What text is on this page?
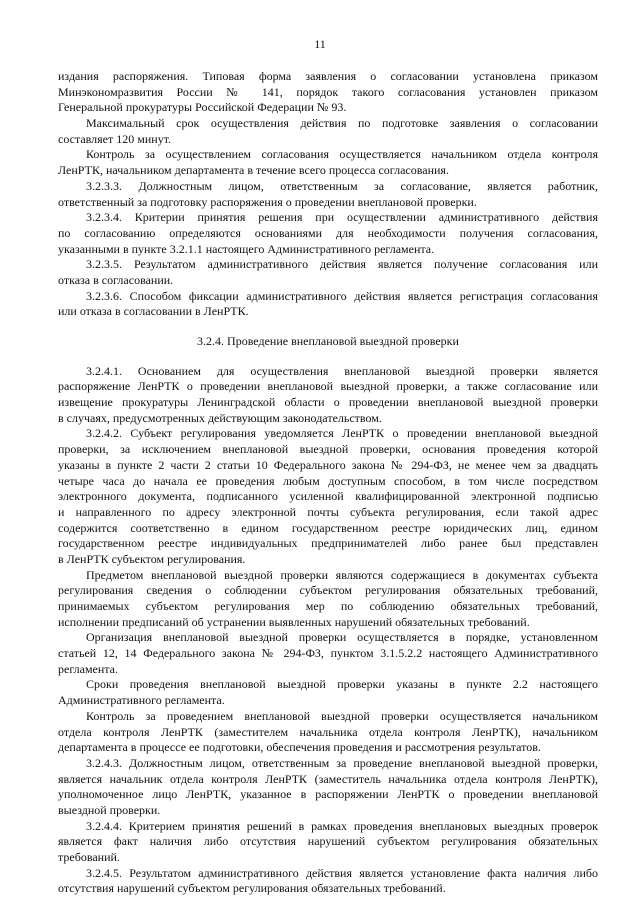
11
издания распоряжения. Типовая форма заявления о согласовании установлена приказом
Минэкономразвития России № 141, порядок такого согласования установлен приказом
Генеральной прокуратуры Российской Федерации № 93.
Максимальный срок осуществления действия по подготовке заявления о согласовании
составляет 120 минут.
Контроль за осуществлением согласования осуществляется начальником отдела контроля
ЛенРТК, начальником департамента в течение всего процесса согласования.
3.2.3.3. Должностным лицом, ответственным за согласование, является работник,
ответственный за подготовку распоряжения о проведении внеплановой проверки.
3.2.3.4. Критерии принятия решения при осуществлении административного действия
по согласованию определяются основаниями для необходимости получения согласования,
указанными в пункте 3.2.1.1 настоящего Административного регламента.
3.2.3.5. Результатом административного действия является получение согласования или
отказа в согласовании.
3.2.3.6. Способом фиксации административного действия является регистрация согласования
или отказа в согласовании в ЛенРТК.
3.2.4. Проведение внеплановой выездной проверки
3.2.4.1. Основанием для осуществления внеплановой выездной проверки является
распоряжение ЛенРТК о проведении внеплановой выездной проверки, а также согласование или
извещение прокуратуры Ленинградской области о проведении внеплановой выездной проверки
в случаях, предусмотренных действующим законодательством.
3.2.4.2. Субъект регулирования уведомляется ЛенРТК о проведении внеплановой выездной
проверки, за исключением внеплановой выездной проверки, основания проведения которой
указаны в пункте 2 части 2 статьи 10 Федерального закона № 294-ФЗ, не менее чем за двадцать
четыре часа до начала ее проведения любым доступным способом, в том числе посредством
электронного документа, подписанного усиленной квалифицированной электронной подписью
и направленного по адресу электронной почты субъекта регулирования, если такой адрес
содержится соответственно в едином государственном реестре юридических лиц, едином
государственном реестре индивидуальных предпринимателей либо ранее был представлен
в ЛенРТК субъектом регулирования.
Предметом внеплановой выездной проверки являются содержащиеся в документах субъекта
регулирования сведения о соблюдении субъектом регулирования обязательных требований,
принимаемых субъектом регулирования мер по соблюдению обязательных требований,
исполнении предписаний об устранении выявленных нарушений обязательных требований.
Организация внеплановой выездной проверки осуществляется в порядке, установленном
статьей 12, 14 Федерального закона № 294-ФЗ, пунктом 3.1.5.2.2 настоящего Административного
регламента.
Сроки проведения внеплановой выездной проверки указаны в пункте 2.2 настоящего
Административного регламента.
Контроль за проведением внеплановой выездной проверки осуществляется начальником
отдела контроля ЛенРТК (заместителем начальника отдела контроля ЛенРТК), начальником
департамента в процессе ее подготовки, обеспечения проведения и рассмотрения результатов.
3.2.4.3. Должностным лицом, ответственным за проведение внеплановой выездной проверки,
является начальник отдела контроля ЛенРТК (заместитель начальника отдела контроля ЛенРТК),
уполномоченное лицо ЛенРТК, указанное в распоряжении ЛенРТК о проведении внеплановой
выездной проверки.
3.2.4.4. Критерием принятия решений в рамках проведения внеплановых выездных проверок
является факт наличия либо отсутствия нарушений субъектом регулирования обязательных
требований.
3.2.4.5. Результатом административного действия является установление факта наличия либо
отсутствия нарушений субъектом регулирования обязательных требований.
